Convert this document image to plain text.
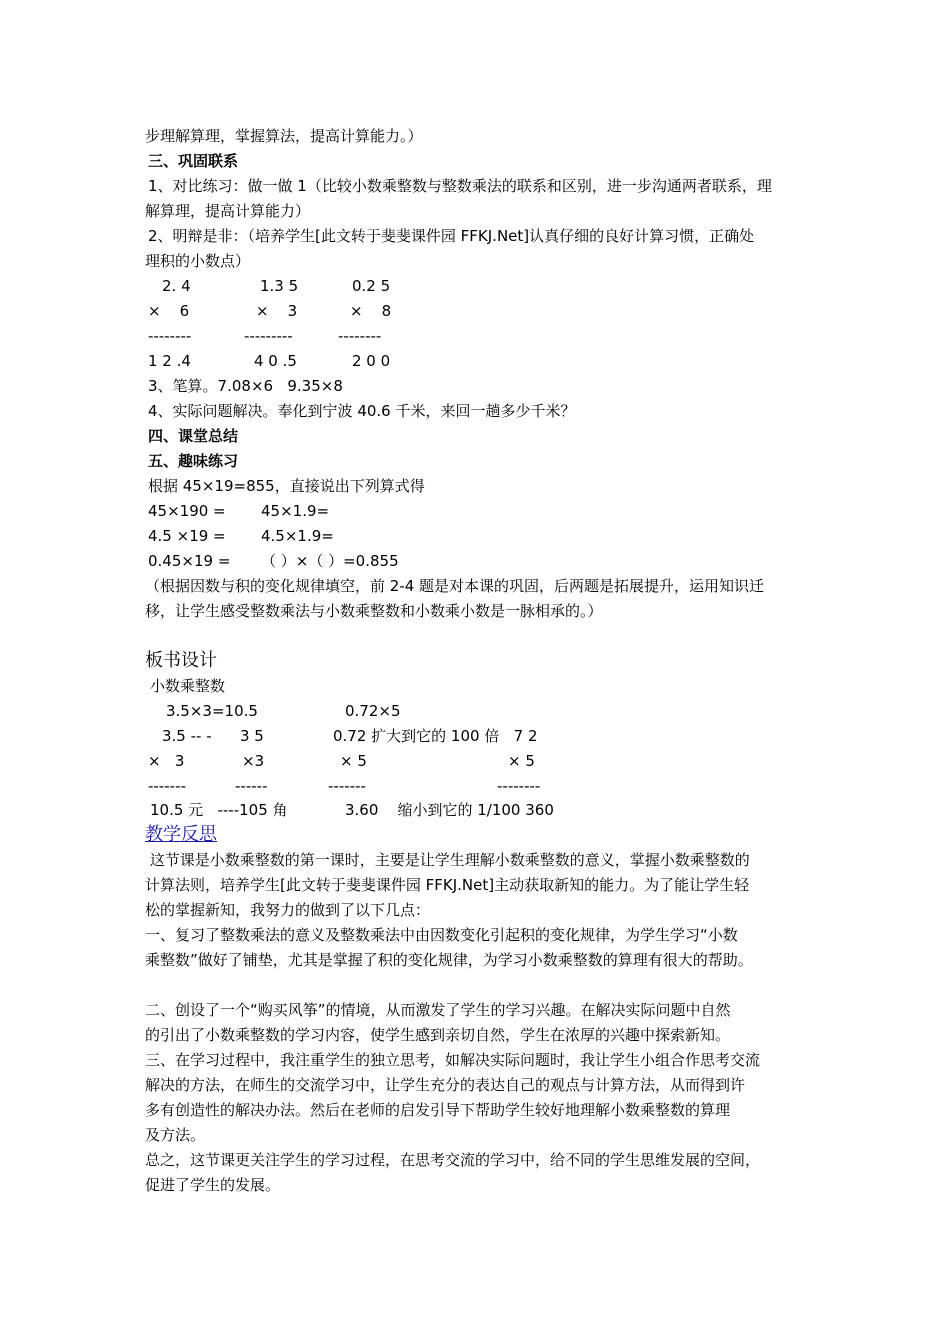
步理解算理，掌握算法，提高计算能力。）
三、巩固联系
1、对比练习：做一做 1（比较小数乘整数与整数乘法的联系和区别，进一步沟通两者联系，理
解算理，提高计算能力）
2、明辩是非：（培养学生[此文转于斐斐课件园 FFKJ.Net]认真仔细的良好计算习惯，正确处
理积的小数点）
2. 4	1.3 5	0.2 5
×    6	×    3	×    8
--------	---------	--------
1 2 .4	4 0 .5	2 0 0
3、笔算。7.08×6   9.35×8
4、实际问题解决。奉化到宁波 40.6 千米，来回一趟多少千米？
四、课堂总结
五、趣味练习
根据 45×19=855，直接说出下列算式得
45×190 = 45×1.9=
4.5 ×19 = 4.5×1.9=
0.45×19 = （ ）×（ ）=0.855
（根据因数与积的变化规律填空，前 2-4 题是对本课的巩固，后两题是拓展提升，运用知识迁
移，让学生感受整数乘法与小数乘整数和小数乘小数是一脉相承的。）
板书设计
小数乘整数
3.5×3=10.5	0.72×5
3.5 -- - 3 5	0.72 扩大到它的 100 倍   7 2
×   3	×3	× 5	× 5
-------	------	-------	--------
10.5 元   ----105 角	3.60    缩小到它的 1/100 360
教学反思
这节课是小数乘整数的第一课时，主要是让学生理解小数乘整数的意义，掌握小数乘整数的
计算法则，培养学生[此文转于斐斐课件园 FFKJ.Net]主动获取新知的能力。为了能让学生轻
松的掌握新知，我努力的做到了以下几点：
一、复习了整数乘法的意义及整数乘法中由因数变化引起积的变化规律，为学生学习“小数
乘整数”做好了铺垫，尤其是掌握了积的变化规律，为学习小数乘整数的算理有很大的帮助。
二、创设了一个“购买风筝”的情境，从而激发了学生的学习兴趣。在解决实际问题中自然
的引出了小数乘整数的学习内容，使学生感到亲切自然，学生在浓厚的兴趣中探索新知。
三、在学习过程中，我注重学生的独立思考，如解决实际问题时，我让学生小组合作思考交流
解决的方法，在师生的交流学习中，让学生充分的表达自己的观点与计算方法，从而得到许
多有创造性的解决办法。然后在老师的启发引导下帮助学生较好地理解小数乘整数的算理
及方法。
总之，这节课更关注学生的学习过程，在思考交流的学习中，给不同的学生思维发展的空间，
促进了学生的发展。
